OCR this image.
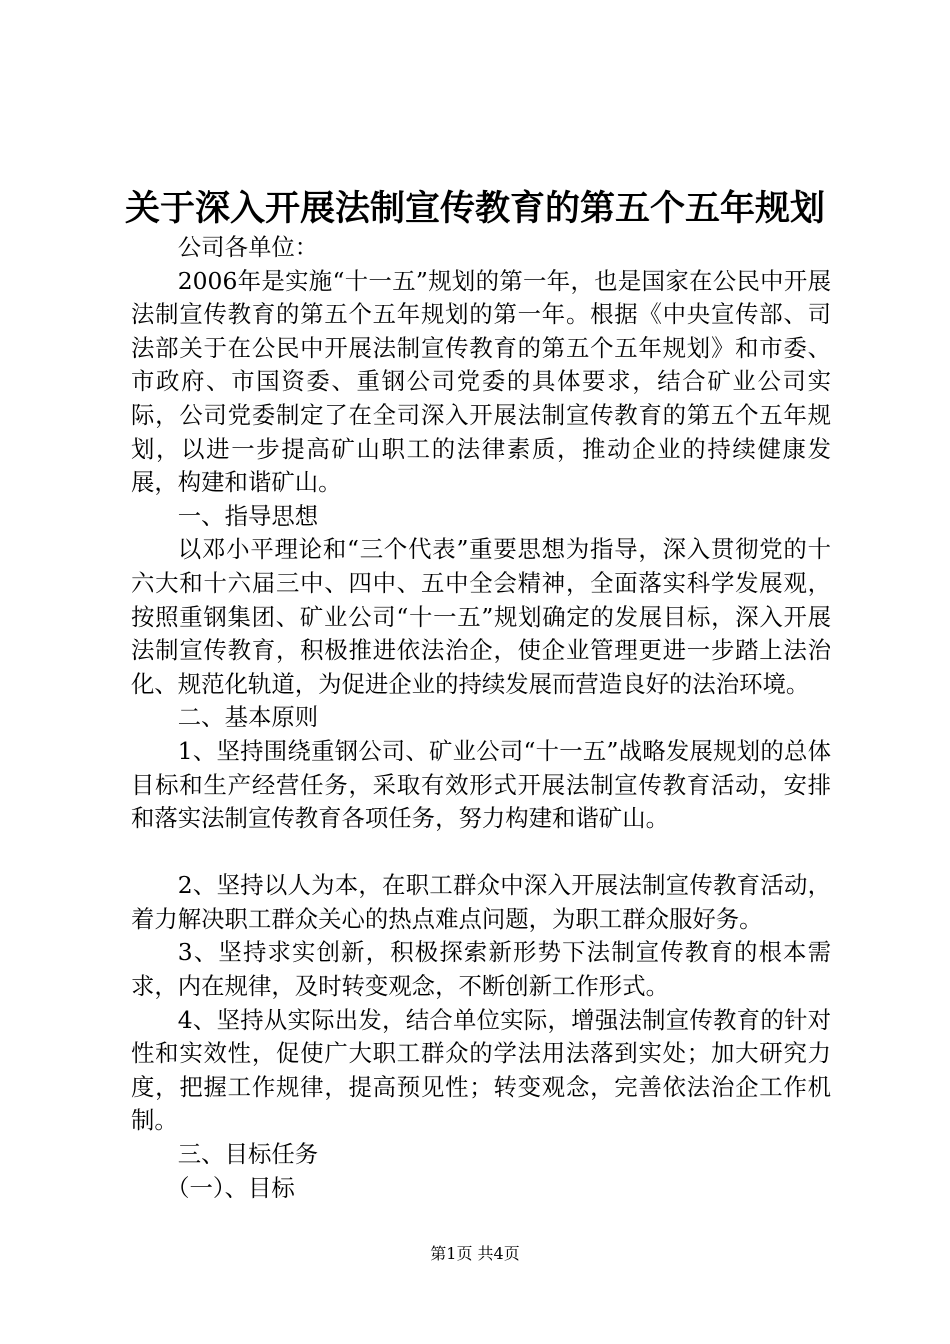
关于深入开展法制宣传教育的第五个五年规划

公司各单位：

2006年是实施“十一五”规划的第一年，也是国家在公民中开展法制宣传教育的第五个五年规划的第一年。根据《中央宣传部、司法部关于在公民中开展法制宣传教育的第五个五年规划》和市委、市政府、市国资委、重钢公司党委的具体要求，结合矿业公司实际，公司党委制定了在全司深入开展法制宣传教育的第五个五年规划，以进一步提高矿山职工的法律素质，推动企业的持续健康发展，构建和谐矿山。

一、指导思想

以邓小平理论和“三个代表”重要思想为指导，深入贯彻党的十六大和十六届三中、四中、五中全会精神，全面落实科学发展观，按照重钢集团、矿业公司“十一五”规划确定的发展目标，深入开展法制宣传教育，积极推进依法治企，使企业管理更进一步踏上法治化、规范化轨道，为促进企业的持续发展而营造良好的法治环境。

二、基本原则

1、坚持围绕重钢公司、矿业公司“十一五”战略发展规划的总体目标和生产经营任务，采取有效形式开展法制宣传教育活动，安排和落实法制宣传教育各项任务，努力构建和谐矿山。

2、坚持以人为本，在职工群众中深入开展法制宣传教育活动，着力解决职工群众关心的热点难点问题，为职工群众服好务。

3、坚持求实创新，积极探索新形势下法制宣传教育的根本需求，内在规律，及时转变观念，不断创新工作形式。

4、坚持从实际出发，结合单位实际，增强法制宣传教育的针对性和实效性，促使广大职工群众的学法用法落到实处；加大研究力度，把握工作规律，提高预见性；转变观念，完善依法治企工作机制。

三、目标任务

（一）、目标

第1页 共4页
